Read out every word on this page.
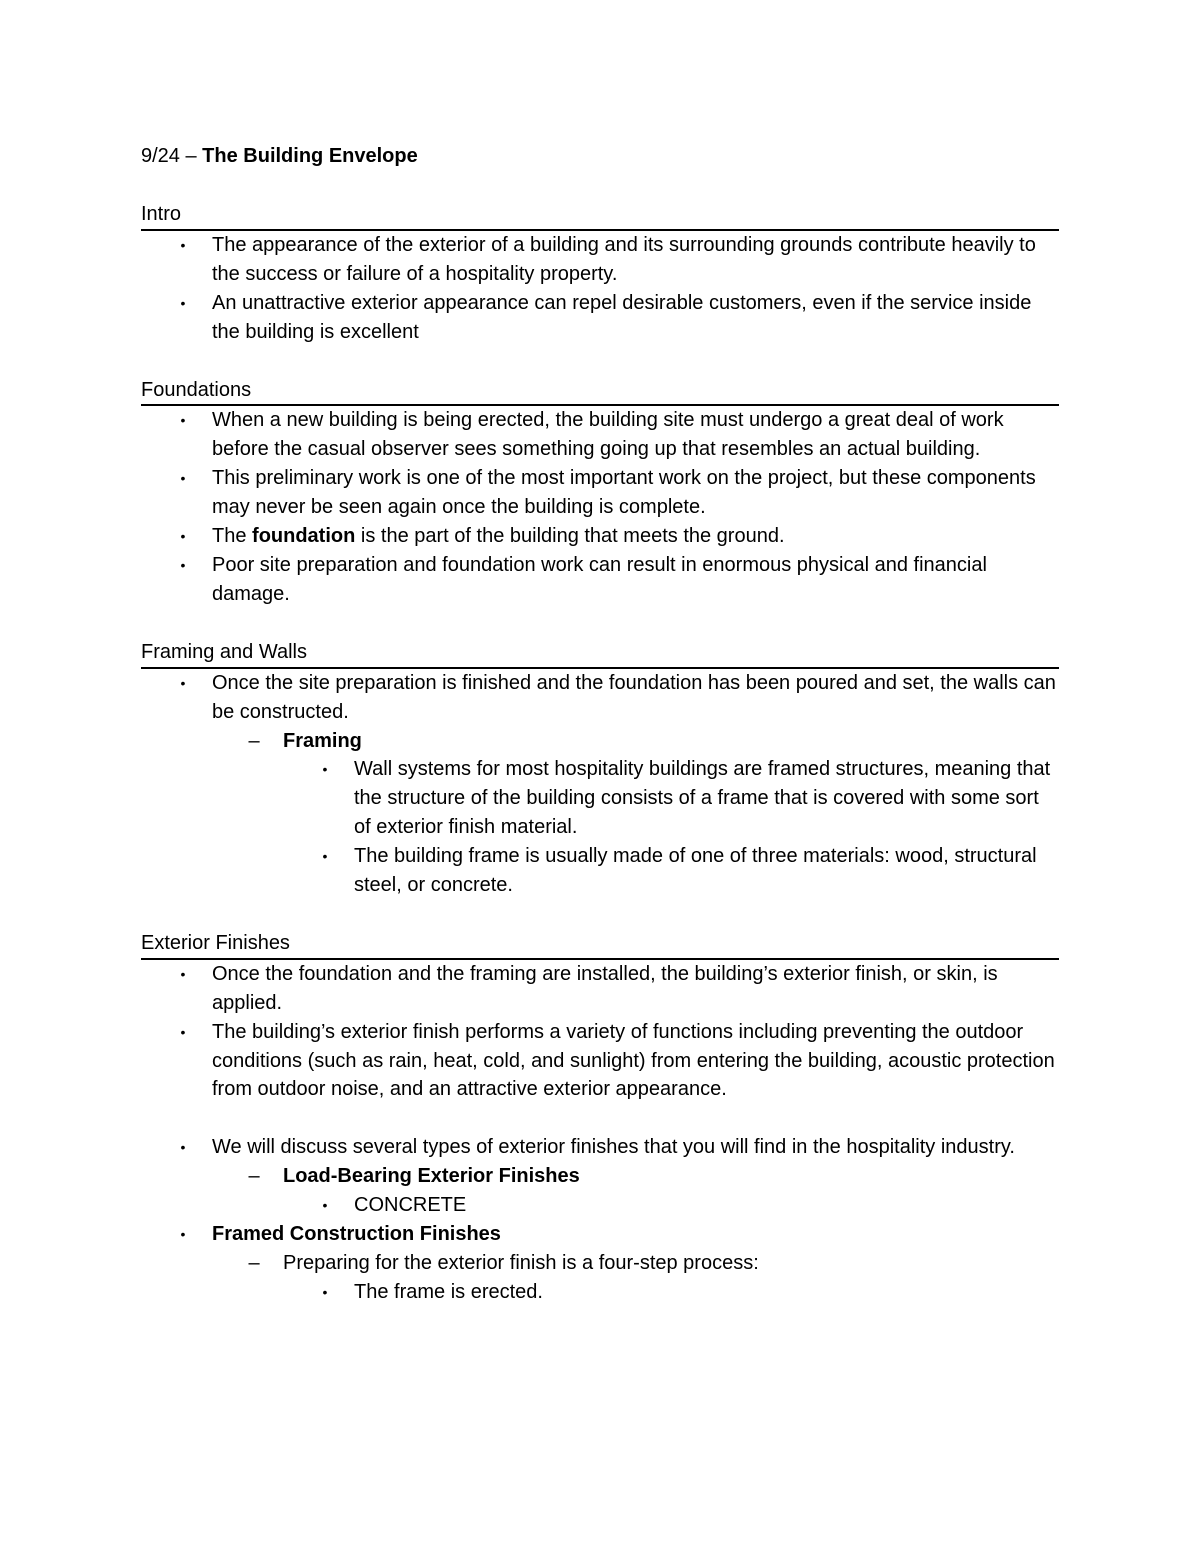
9/24 – The Building Envelope
Intro
• The appearance of the exterior of a building and its surrounding grounds contribute heavily to the success or failure of a hospitality property.
• An unattractive exterior appearance can repel desirable customers, even if the service inside the building is excellent
Foundations
• When a new building is being erected, the building site must undergo a great deal of work before the casual observer sees something going up that resembles an actual building.
• This preliminary work is one of the most important work on the project, but these components may never be seen again once the building is complete.
• The foundation is the part of the building that meets the ground.
• Poor site preparation and foundation work can result in enormous physical and financial damage.
Framing and Walls
• Once the site preparation is finished and the foundation has been poured and set, the walls can be constructed.
– Framing
• Wall systems for most hospitality buildings are framed structures, meaning that the structure of the building consists of a frame that is covered with some sort of exterior finish material.
• The building frame is usually made of one of three materials: wood, structural steel, or concrete.
Exterior Finishes
• Once the foundation and the framing are installed, the building’s exterior finish, or skin, is applied.
• The building’s exterior finish performs a variety of functions including preventing the outdoor conditions (such as rain, heat, cold, and sunlight) from entering the building, acoustic protection from outdoor noise, and an attractive exterior appearance.
• We will discuss several types of exterior finishes that you will find in the hospitality industry.
– Load-Bearing Exterior Finishes
• CONCRETE
• Framed Construction Finishes
– Preparing for the exterior finish is a four-step process:
• The frame is erected.
